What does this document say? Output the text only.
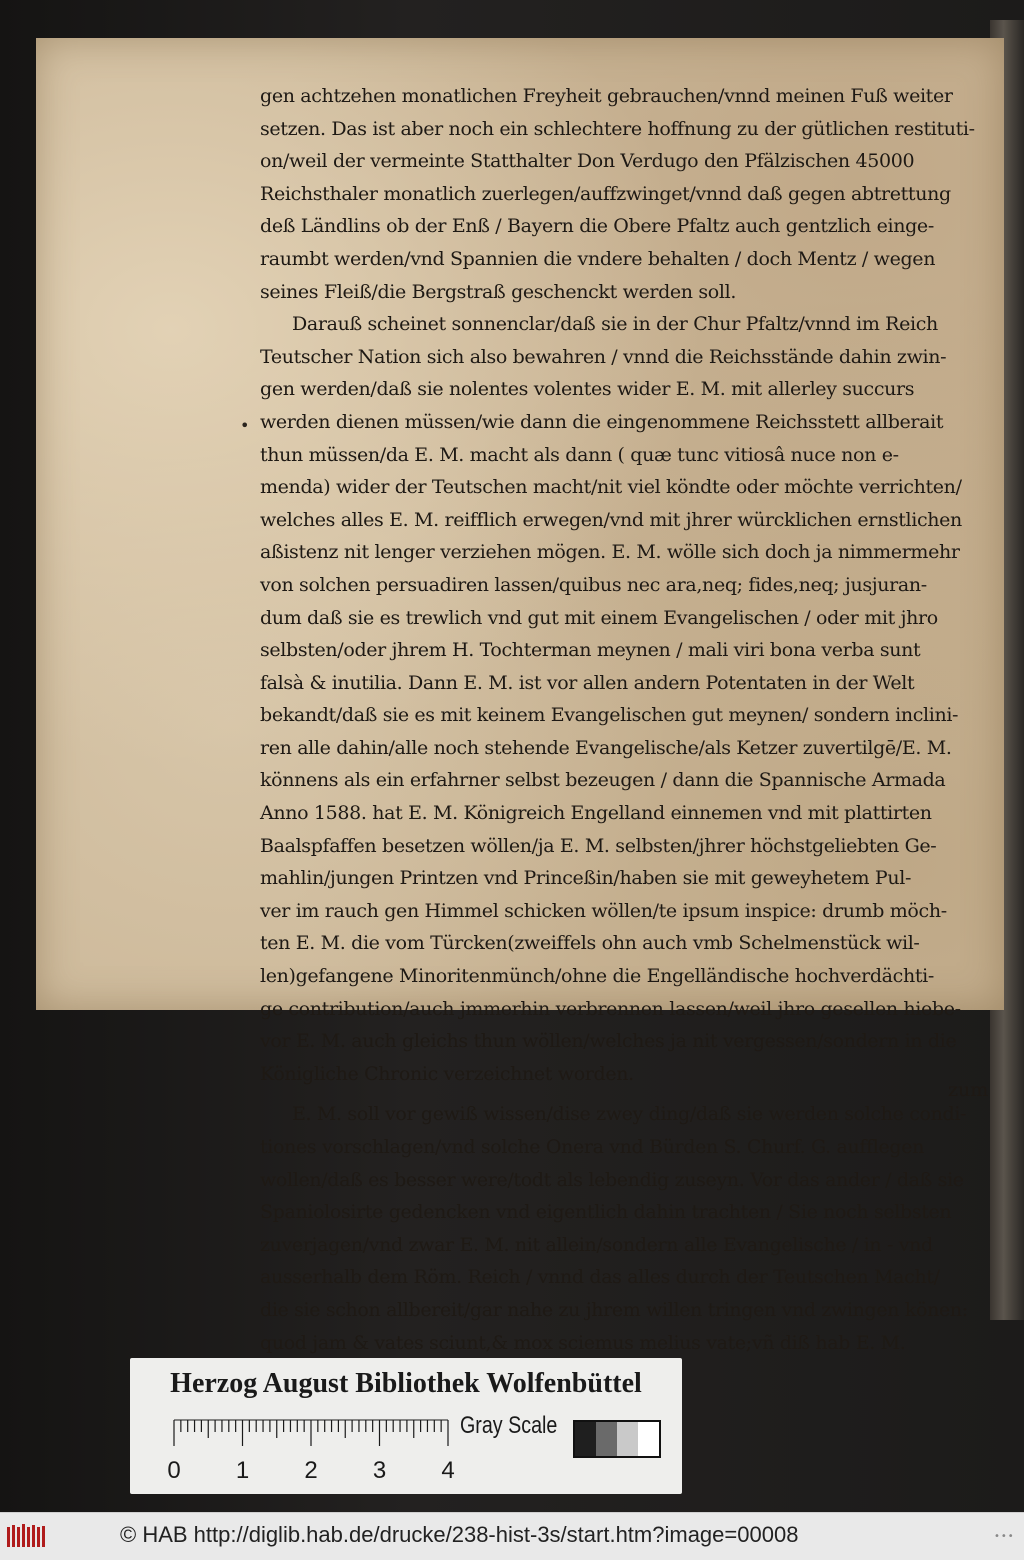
•
gen achtzehen monatlichen Freyheit gebrauchen/vnnd meinen Fuß weiter
setzen. Das ist aber noch ein schlechtere hoffnung zu der gütlichen restituti-
on/weil der vermeinte Statthalter Don Verdugo den Pfälzischen 45000
Reichsthaler monatlich zuerlegen/auffzwinget/vnnd daß gegen abtrettung
deß Ländlins ob der Enß / Bayern die Obere Pfaltz auch gentzlich einge-
raumbt werden/vnd Spannien die vndere behalten / doch Mentz / wegen
seines Fleiß/die Bergstraß geschenckt werden soll.
Darauß scheinet sonnenclar/daß sie in der Chur Pfaltz/vnnd im Reich
Teutscher Nation sich also bewahren / vnnd die Reichsstände dahin zwin-
gen werden/daß sie nolentes volentes wider E. M. mit allerley succurs
werden dienen müssen/wie dann die eingenommene Reichsstett allberait
thun müssen/da E. M. macht als dann ( quæ tunc vitiosâ nuce non e-
menda) wider der Teutschen macht/nit viel köndte oder möchte verrichten/
welches alles E. M. reifflich erwegen/vnd mit jhrer würcklichen ernstlichen
aßistenz nit lenger verziehen mögen. E. M. wölle sich doch ja nimmermehr
von solchen persuadiren lassen/quibus nec ara,neq; fides,neq; jusjuran-
dum daß sie es trewlich vnd gut mit einem Evangelischen / oder mit jhro
selbsten/oder jhrem H. Tochterman meynen / mali viri bona verba sunt
falsà & inutilia. Dann E. M. ist vor allen andern Potentaten in der Welt
bekandt/daß sie es mit keinem Evangelischen gut meynen/ sondern inclini-
ren alle dahin/alle noch stehende Evangelische/als Ketzer zuvertilgē/E. M.
könnens als ein erfahrner selbst bezeugen / dann die Spannische Armada
Anno 1588. hat E. M. Königreich Engelland einnemen vnd mit plattirten
Baalspfaffen besetzen wöllen/ja E. M. selbsten/jhrer höchstgeliebten Ge-
mahlin/jungen Printzen vnd Princeßin/haben sie mit geweyhetem Pul-
ver im rauch gen Himmel schicken wöllen/te ipsum inspice: drumb möch-
ten E. M. die vom Türcken(zweiffels ohn auch vmb Schelmenstück wil-
len)gefangene Minoritenmünch/ohne die Engelländische hochverdächti-
ge contribution/auch jmmerhin verbrennen lassen/weil jhro gesellen hiebe-
vor E. M. auch gleichs thun wöllen/welches ja nit vergessen/sondern in die
Königliche Chronic verzeichnet worden.
E. M. soll vor gewiß wissen/dise zwey ding/daß sie werden solche condi-
tiones vorschlagen/vnd solche Onera vnd Bürden S. Churf. G. aufflegen
wollen/daß es besser were/todt als lebendig zuseyn. Vor das ander / daß sie
Spaniolosirte gedencken vnd eigentlich dahin trachten / Sie noch selbsten
zuverjagen/vnd zwar E. M. nit allein/sondern alle Evangelische / in - vnd
ausserhalb dem Röm. Reich / vnnd das alles durch der Teutschen Macht/
die sie schon allbereit/gar nahe zu jhrem willen tringen vnd zwingen könen:
quod jam & vates sciunt,& mox sciemus melius vate;vñ diß hab E. M.
zum
Herzog August Bibliothek Wolfenbüttel
0 1 2 3 4
Gray Scale
© HAB http://diglib.hab.de/drucke/238-hist-3s/start.htm?image=00008	•••
